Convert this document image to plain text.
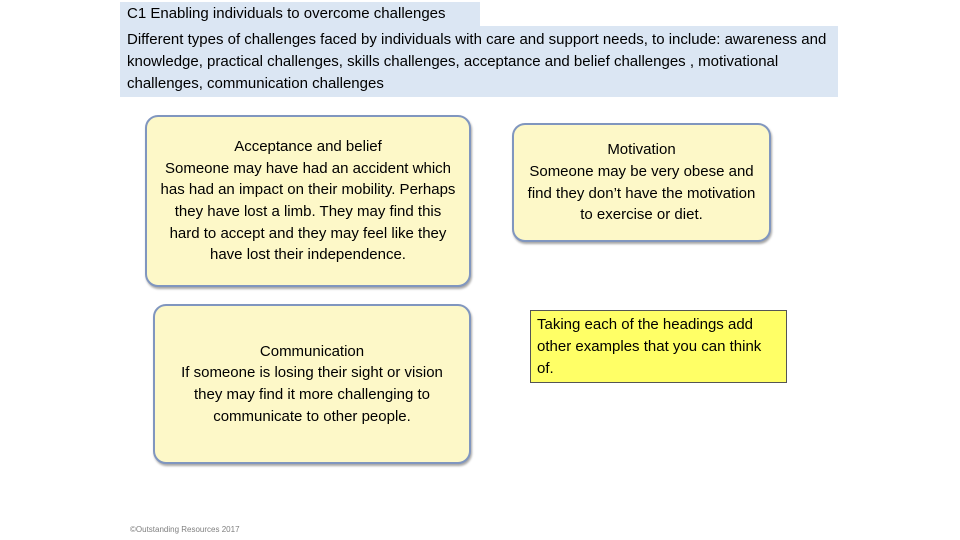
C1 Enabling individuals to overcome challenges
Different types of challenges faced by individuals with care and support needs, to include: awareness and knowledge, practical challenges, skills challenges, acceptance and belief challenges , motivational challenges, communication challenges
Acceptance and belief
Someone may have had an accident which has had an impact on their mobility. Perhaps they have lost a limb. They may find this hard to accept and they may feel like they have lost their independence.
Motivation
Someone may be very obese and find they don’t have the motivation to exercise or diet.
Communication
If someone is losing their sight or vision they may find it more challenging to communicate to other people.
Taking each of the headings add other examples that you can think of.
©Outstanding Resources 2017
